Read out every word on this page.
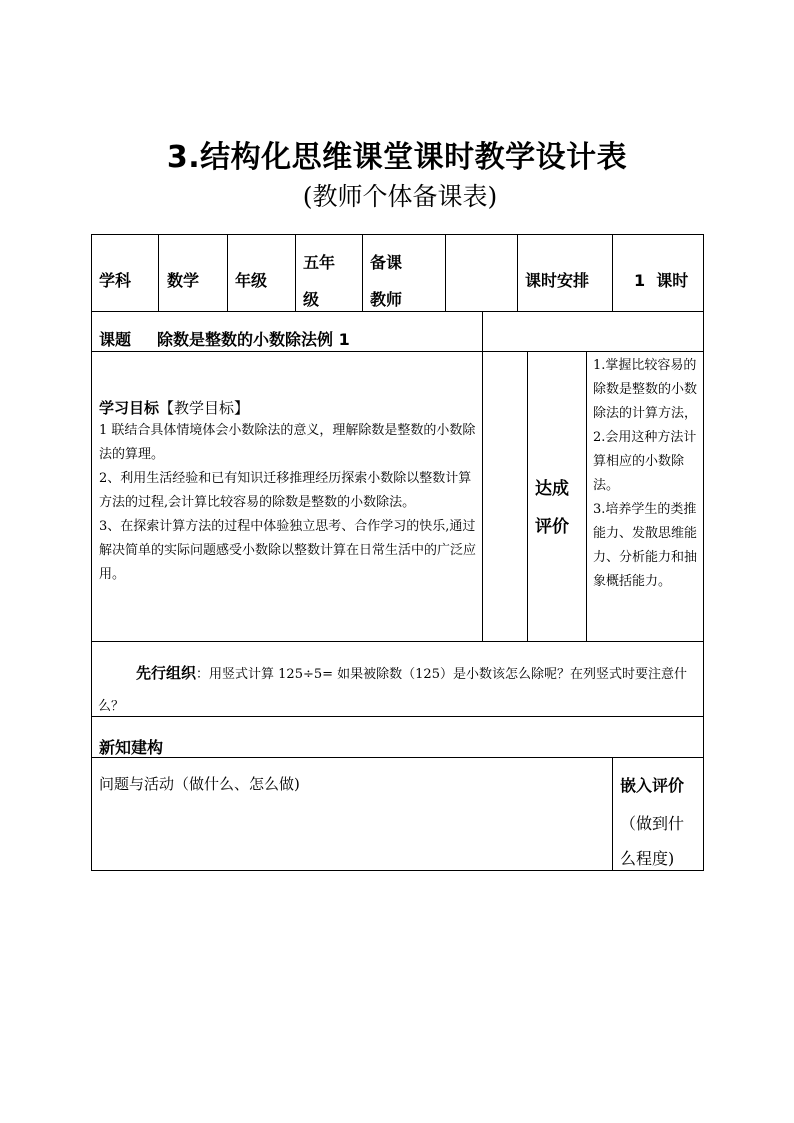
3.结构化思维课堂课时教学设计表
(教师个体备课表)
学科 数学 年级
五年
级
备课
教师
课时安排	1  课时
课题 除数是整数的小数除法例 1
学习目标【教学目标】
1 联结合具体情境体会小数除法的意义，理解除数是整数的小数除法的算理。
2、利用生活经验和已有知识迁移推理经历探索小数除以整数计算方法的过程,会计算比较容易的除数是整数的小数除法。
3、在探索计算方法的过程中体验独立思考、合作学习的快乐,通过解决简单的实际问题感受小数除以整数计算在日常生活中的广泛应用。
达成
评价
1.掌握比较容易的除数是整数的小数除法的计算方法，
2.会用这种方法计算相应的小数除法。
3.培养学生的类推能力、发散思维能力、分析能力和抽象概括能力。
先行组织：用竖式计算 125÷5= 如果被除数（125）是小数该怎么除呢？在列竖式时要注意什么？
新知建构
问题与活动（做什么、怎么做)	嵌入评价
（做到什
么程度)
